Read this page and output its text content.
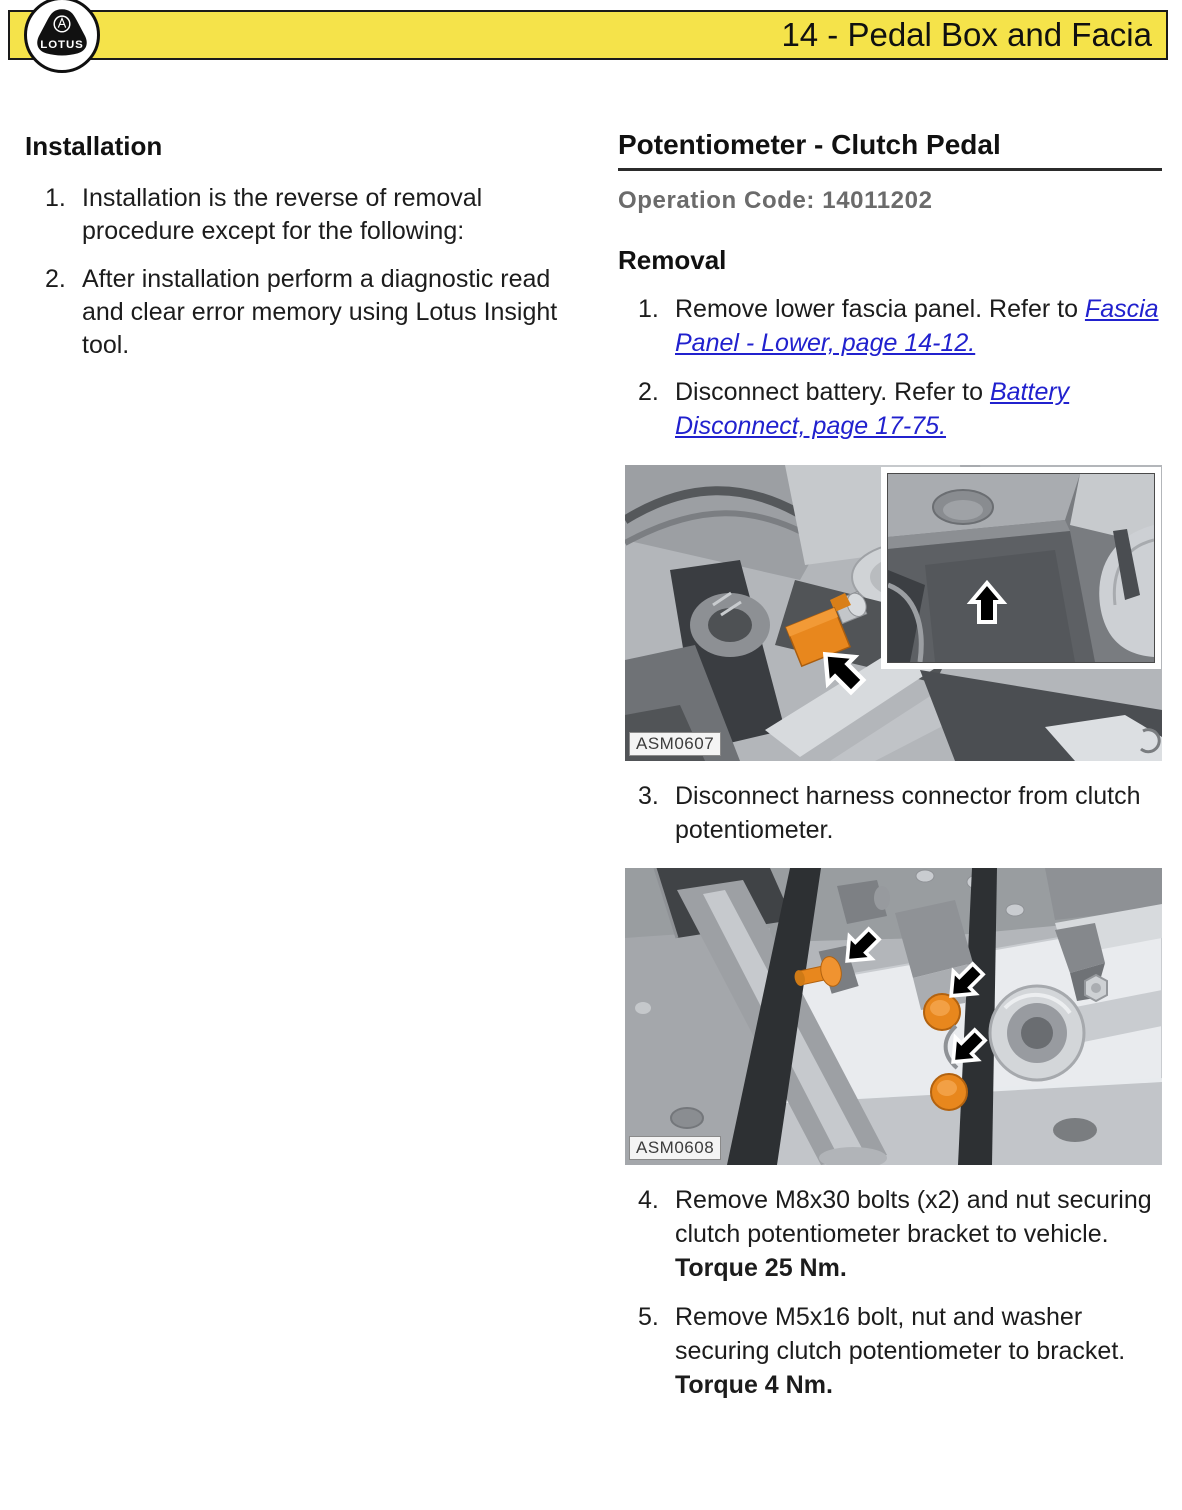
14 - Pedal Box and Facia
LOTUS
Installation
1. Installation is the reverse of removal procedure except for the following:
2. After installation perform a diagnostic read and clear error memory using Lotus Insight tool.
Potentiometer - Clutch Pedal
Operation Code: 14011202
Removal
1. Remove lower fascia panel. Refer to Fascia Panel - Lower, page 14-12.
2. Disconnect battery. Refer to Battery Disconnect, page 17-75.
ASM0607
3. Disconnect harness connector from clutch potentiometer.
ASM0608
4. Remove M8x30 bolts (x2) and nut securing clutch potentiometer bracket to vehicle. Torque 25 Nm.
5. Remove M5x16 bolt, nut and washer securing clutch potentiometer to bracket. Torque 4 Nm.
